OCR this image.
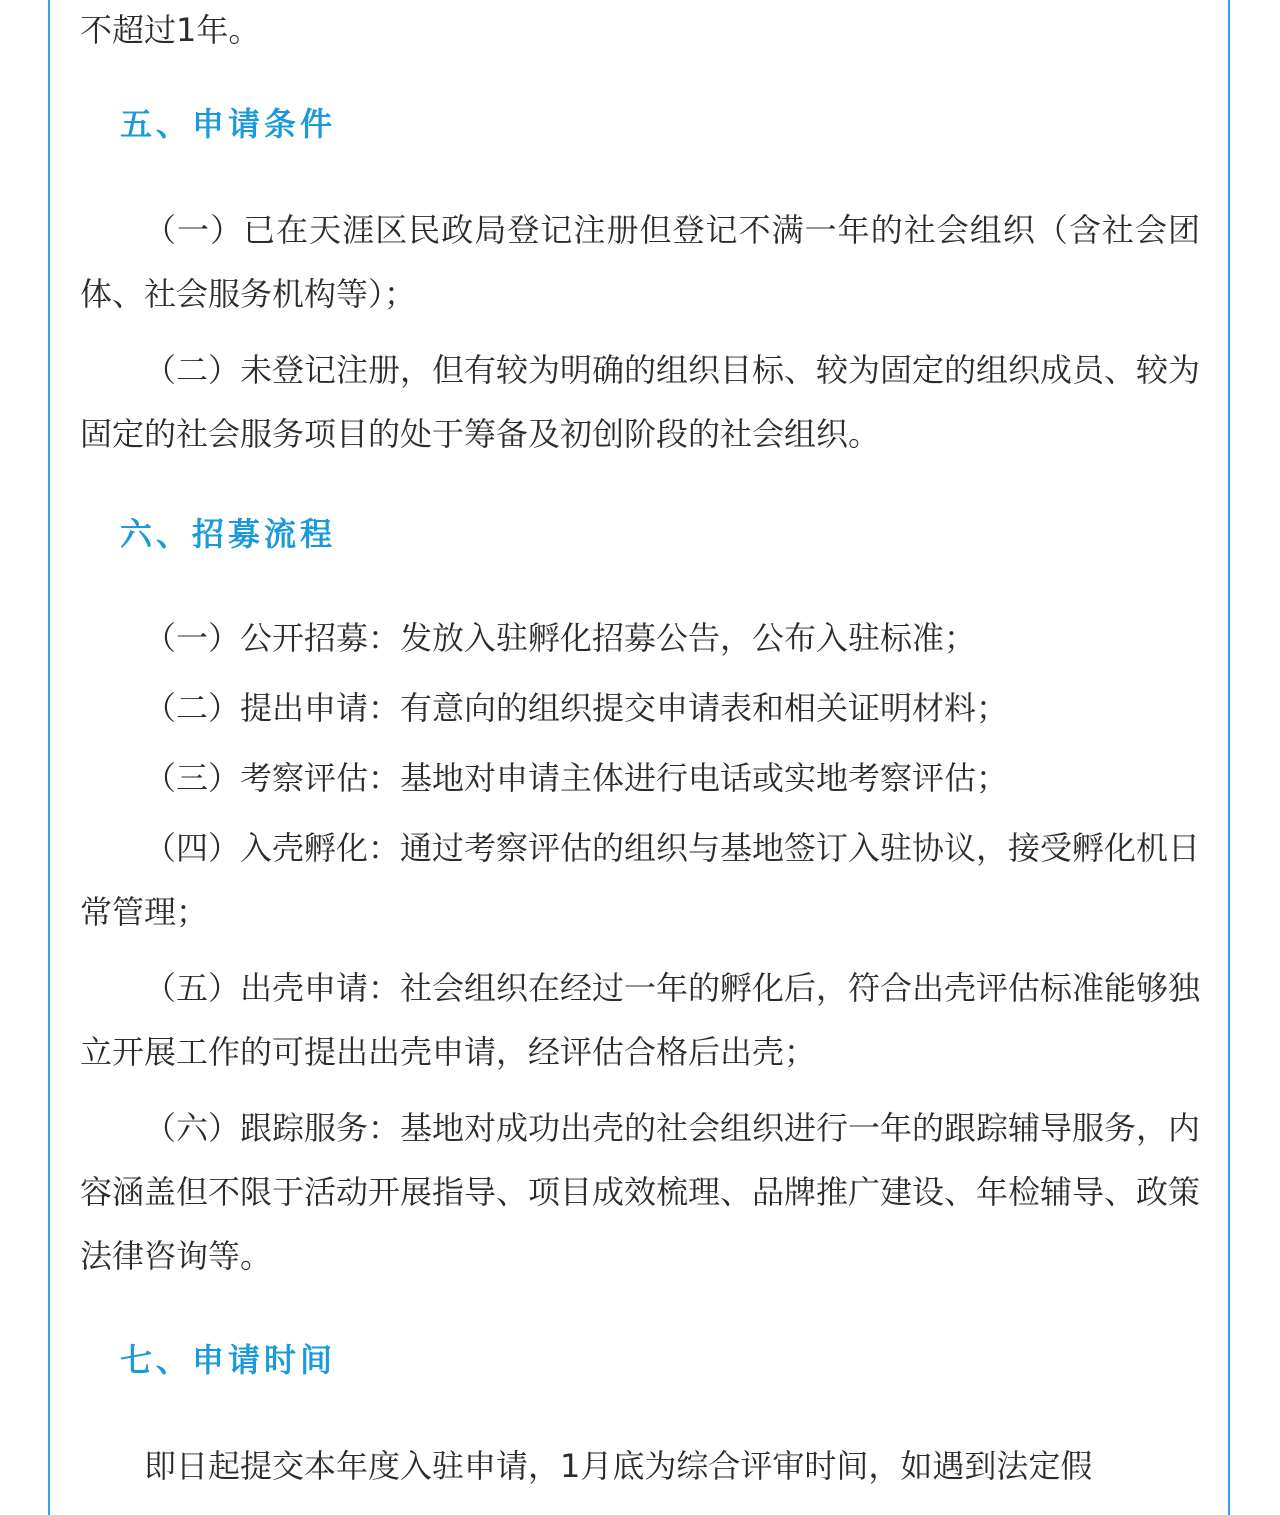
不超过1年。

五、申请条件

（一）已在天涯区民政局登记注册但登记不满一年的社会组织（含社会团体、社会服务机构等）；

（二）未登记注册，但有较为明确的组织目标、较为固定的组织成员、较为固定的社会服务项目的处于筹备及初创阶段的社会组织。

六、招募流程

（一）公开招募：发放入驻孵化招募公告，公布入驻标准；

（二）提出申请：有意向的组织提交申请表和相关证明材料；

（三）考察评估：基地对申请主体进行电话或实地考察评估；

（四）入壳孵化：通过考察评估的组织与基地签订入驻协议，接受孵化机日常管理；

（五）出壳申请：社会组织在经过一年的孵化后，符合出壳评估标准能够独立开展工作的可提出出壳申请，经评估合格后出壳；

（六）跟踪服务：基地对成功出壳的社会组织进行一年的跟踪辅导服务，内容涵盖但不限于活动开展指导、项目成效梳理、品牌推广建设、年检辅导、政策法律咨询等。

七、申请时间

即日起提交本年度入驻申请，1月底为综合评审时间，如遇到法定假
